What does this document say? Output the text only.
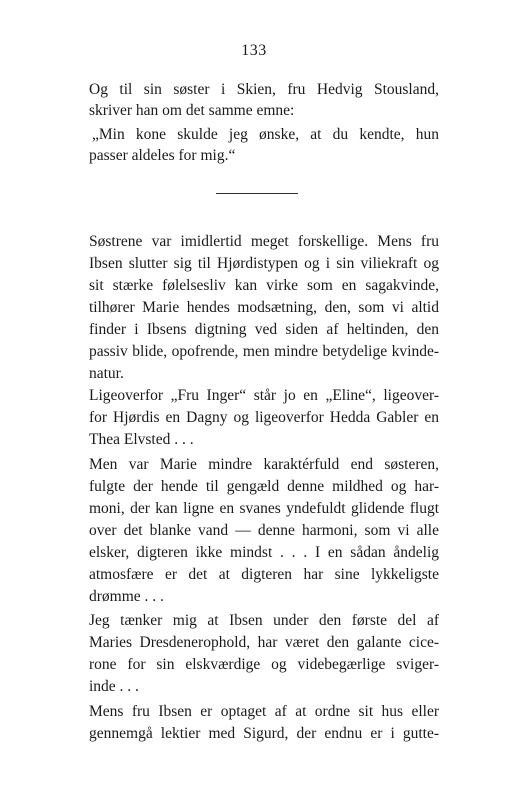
133
Og til sin søster i Skien, fru Hedvig Stousland,
skriver han om det samme emne:
„Min kone skulde jeg ønske, at du kendte, hun
passer aldeles for mig.“
Søstrene var imidlertid meget forskellige. Mens fru
Ibsen slutter sig til Hjørdistypen og i sin viliekraft og
sit stærke følelsesliv kan virke som en sagakvinde,
tilhører Marie hendes modsætning, den, som vi altid
finder i Ibsens digtning ved siden af heltinden, den
passiv blide, opofrende, men mindre betydelige kvinde-
natur.
Ligeoverfor „Fru Inger“ står jo en „Eline“, ligeover-
for Hjørdis en Dagny og ligeoverfor Hedda Gabler en
Thea Elvsted . . .
Men var Marie mindre karaktérfuld end søsteren,
fulgte der hende til gengæld denne mildhed og har-
moni, der kan ligne en svanes yndefuldt glidende flugt
over det blanke vand — denne harmoni, som vi alle
elsker, digteren ikke mindst . . . I en sådan åndelig
atmosfære er det at digteren har sine lykkeligste
drømme . . .
Jeg tænker mig at Ibsen under den første del af
Maries Dresdenerophold, har været den galante cice-
rone for sin elskværdige og videbegærlige sviger-
inde . . .
Mens fru Ibsen er optaget af at ordne sit hus eller
gennemgå lektier med Sigurd, der endnu er i gutte-
